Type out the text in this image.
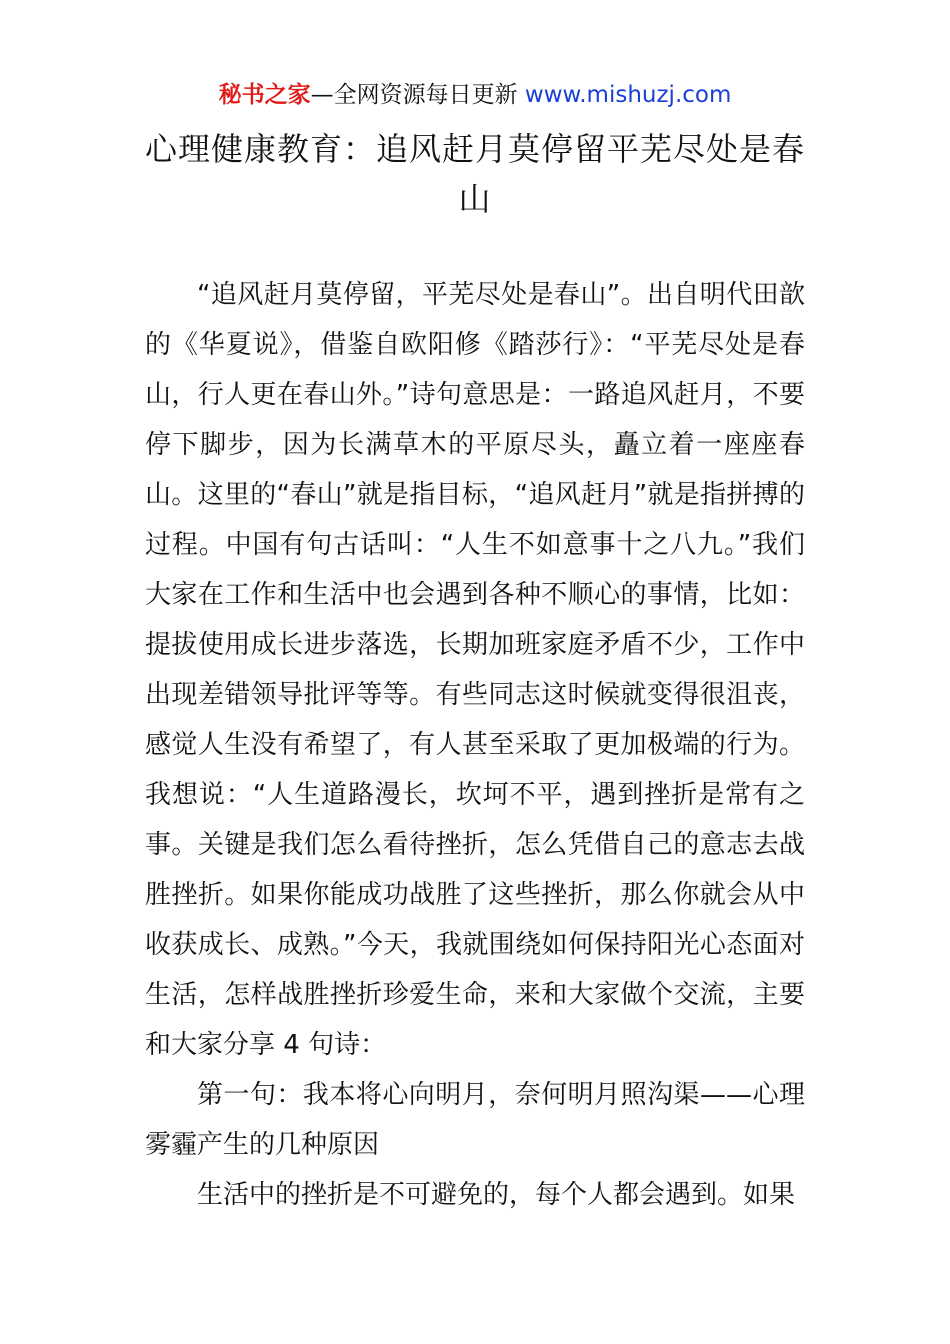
秘书之家—全网资源每日更新 www.mishuzj.com
心理健康教育：追风赶月莫停留平芜尽处是春山

“追风赶月莫停留，平芜尽处是春山”。出自明代田歆的《华夏说》，借鉴自欧阳修《踏莎行》：“平芜尽处是春山，行人更在春山外。”诗句意思是：一路追风赶月，不要停下脚步，因为长满草木的平原尽头，矗立着一座座春山。这里的“春山”就是指目标，“追风赶月”就是指拼搏的过程。中国有句古话叫：“人生不如意事十之八九。”我们大家在工作和生活中也会遇到各种不顺心的事情，比如：提拔使用成长进步落选，长期加班家庭矛盾不少，工作中出现差错领导批评等等。有些同志这时候就变得很沮丧，感觉人生没有希望了，有人甚至采取了更加极端的行为。我想说：“人生道路漫长，坎坷不平，遇到挫折是常有之事。关键是我们怎么看待挫折，怎么凭借自己的意志去战胜挫折。如果你能成功战胜了这些挫折，那么你就会从中收获成长、成熟。”今天，我就围绕如何保持阳光心态面对生活，怎样战胜挫折珍爱生命，来和大家做个交流，主要和大家分享 4 句诗：

第一句：我本将心向明月，奈何明月照沟渠——心理雾霾产生的几种原因

生活中的挫折是不可避免的，每个人都会遇到。如果
